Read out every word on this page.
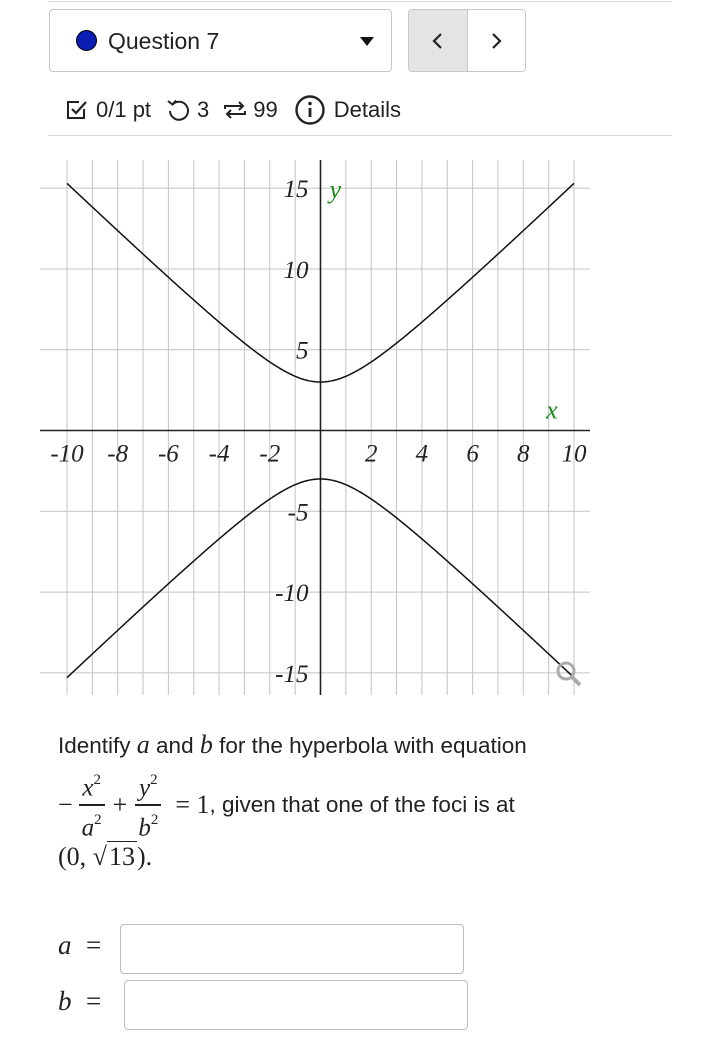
Question 7
0/1 pt 3 99	Details
-10 -8 -6 -4 -2	2 4 6 8 10
15
10
5
-5
-10
-15
x
y
Identify a and b for the hyperbola with equation
− $\frac{x^2}{a^2} + \frac{y^2}{b^2} = 1$ , given that one of the foci is at
(0, √13).
a =
b =
